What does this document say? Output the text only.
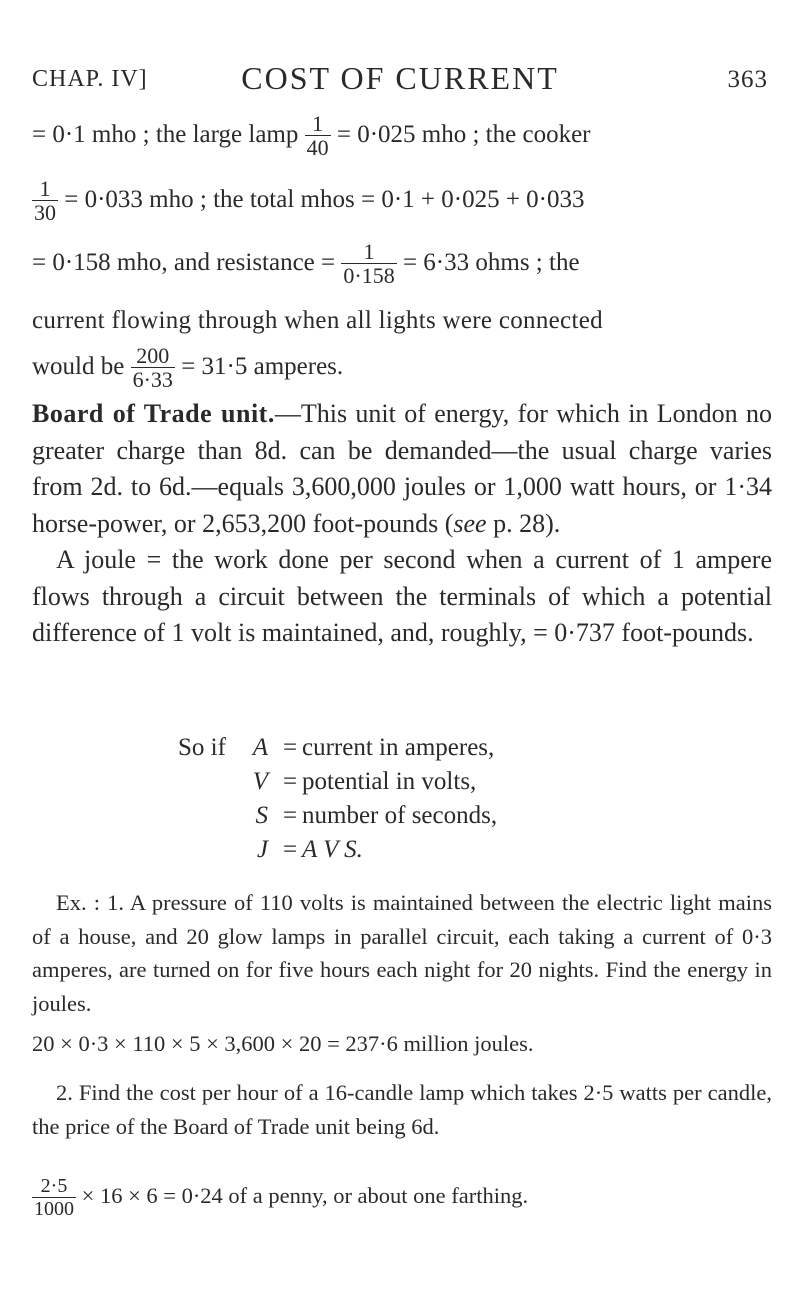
CHAP. IV]	COST OF CURRENT	363
= 0·1 mho ; the large lamp $\frac{1}{40} = 0\cdot 025$ mho ; the cooker
$\frac{1}{30} = 0\cdot 033$ mho ; the total mhos = 0·1 + 0·025 + 0·033
= 0·158 mho, and resistance = $\frac{1}{0\cdot 158} = 6\cdot 33$ ohms ; the
current flowing through when all lights were connected
would be $\frac{200}{6\cdot 33} = 31\cdot 5$ amperes.

Board of Trade unit.—This unit of energy, for which in London no greater charge than 8d. can be demanded—the usual charge varies from 2d. to 6d.—equals 3,600,000 joules or 1,000 watt hours, or 1·34 horse-power, or 2,653,200 foot-pounds (see p. 28).

A joule = the work done per second when a current of 1 ampere flows through a circuit between the terminals of which a potential difference of 1 volt is maintained, and, roughly, = 0·737 foot-pounds.

So if	A = current in amperes,
V = potential in volts,
S = number of seconds,
J = A V S.

Ex. : 1. A pressure of 110 volts is maintained between the electric light mains of a house, and 20 glow lamps in parallel circuit, each taking a current of 0·3 amperes, are turned on for five hours each night for 20 nights. Find the energy in joules.

20 × 0·3 × 110 × 5 × 3,600 × 20 = 237·6 million joules.

2. Find the cost per hour of a 16-candle lamp which takes 2·5 watts per candle, the price of the Board of Trade unit being 6d.

$\frac{2\cdot 5}{1000} \times 16 \times 6 = 0\cdot 24$ of a penny, or about one farthing.
